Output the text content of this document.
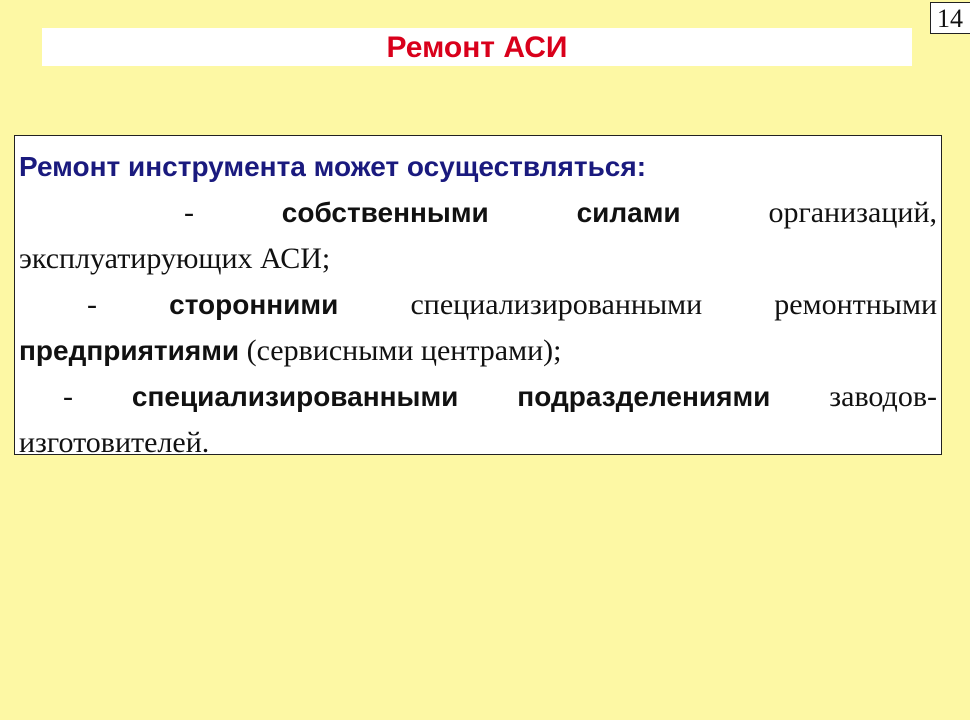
14
Ремонт АСИ
Ремонт инструмента может осуществляться:
-	собственными	силами	организаций,
эксплуатирующих АСИ;
-	сторонними специализированными ремонтными
предприятиями (сервисными центрами);
- специализированными подразделениями заводов-
изготовителей.
